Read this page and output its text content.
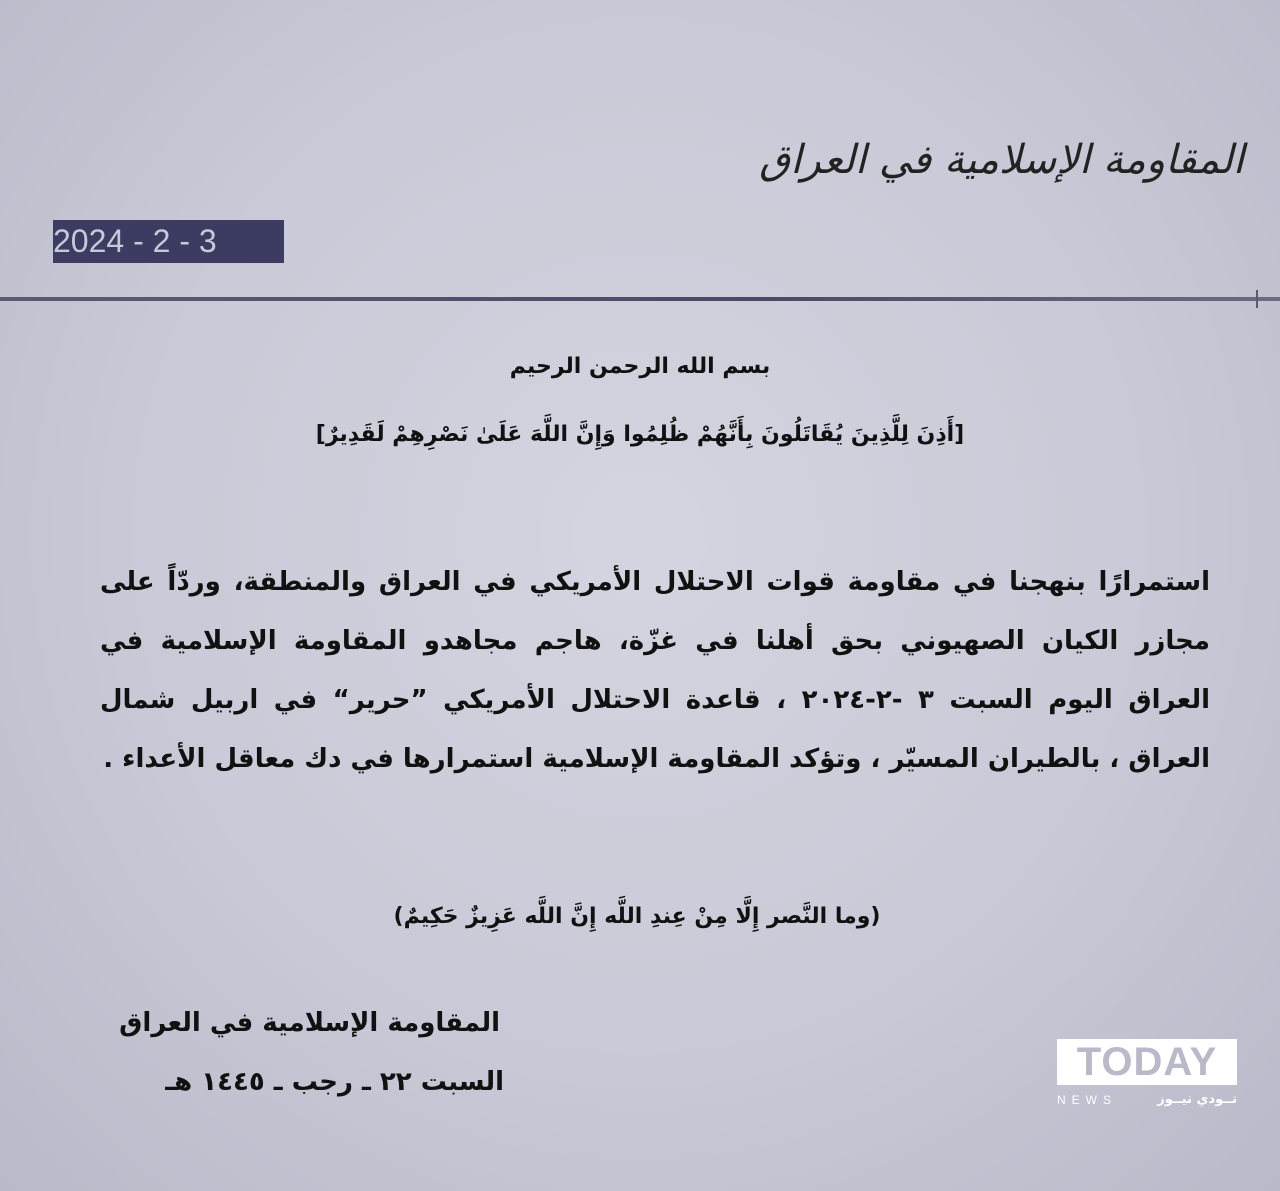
المقاومة الإسلامية في العراق
2024 - 2 - 3
بسم الله الرحمن الرحيم
[أَذِنَ لِلَّذِينَ يُقَاتَلُونَ بِأَنَّهُمْ ظُلِمُوا وَإِنَّ اللَّهَ عَلَىٰ نَصْرِهِمْ لَقَدِيرٌ]
استمرارًا بنهجنا في مقاومة قوات الاحتلال الأمريكي في العراق والمنطقة، وردّاً على مجازر الكيان الصهيوني بحق أهلنا في غزّة، هاجم مجاهدو المقاومة الإسلامية في العراق اليوم السبت ٣ -٢-٢٠٢٤ ، قاعدة الاحتلال الأمريكي ”حرير“ في اربيل شمال العراق ، بالطيران المسيّر ، وتؤكد المقاومة الإسلامية استمرارها في دك معاقل الأعداء .
(وما النَّصر إِلَّا مِنْ عِندِ اللَّه إِنَّ اللَّه عَزِيزٌ حَكِيمٌ)
المقاومة الإسلامية في العراق
السبت ٢٢ ـ رجب ـ ١٤٤٥ هـ	TODAY
NEWS	تــودي نيــوز
